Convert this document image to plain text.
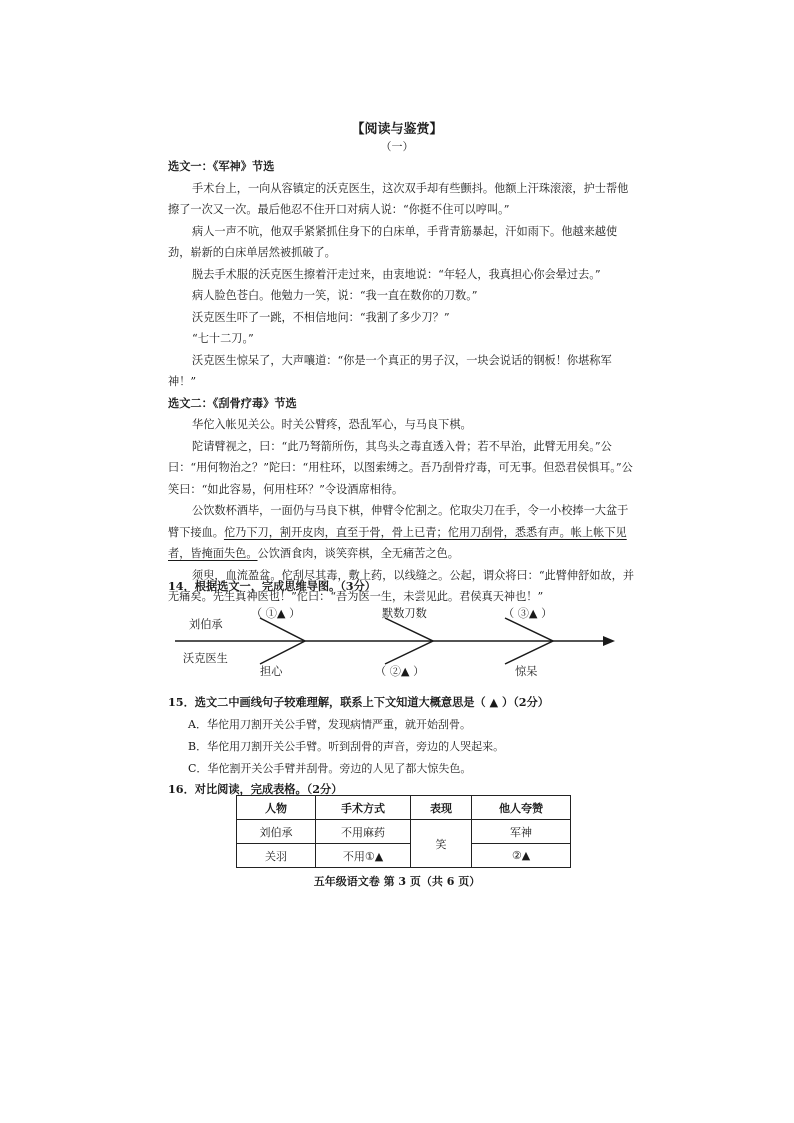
【阅读与鉴赏】
（一）

选文一：《军神》节选

手术台上，一向从容镇定的沃克医生，这次双手却有些颤抖。他额上汗珠滚滚，护士帮他擦了一次又一次。最后他忍不住开口对病人说：“你挺不住可以哼叫。”

病人一声不吭，他双手紧紧抓住身下的白床单，手背青筋暴起，汗如雨下。他越来越使劲，崭新的白床单居然被抓破了。

脱去手术服的沃克医生擦着汗走过来，由衷地说：“年轻人，我真担心你会晕过去。”

病人脸色苍白。他勉力一笑，说：“我一直在数你的刀数。”

沃克医生吓了一跳，不相信地问：“我割了多少刀？”

“七十二刀。”

沃克医生惊呆了，大声嚷道：“你是一个真正的男子汉，一块会说话的钢板！你堪称军神！”

选文二：《刮骨疗毒》节选

华佗入帐见关公。时关公臂疼，恐乱军心，与马良下棋。

陀请臂视之，曰：“此乃弩箭所伤，其鸟头之毒直透入骨；若不早治，此臂无用矣。”公曰：“用何物治之？”陀曰：“用柱环，以图索缚之。吾乃刮骨疗毒，可无事。但恐君侯惧耳。”公笑曰：“如此容易，何用柱环？”令设酒席相待。

公饮数杯酒毕，一面仍与马良下棋，伸臂令佗割之。佗取尖刀在手，令一小校捧一大盆于臂下接血。佗乃下刀，割开皮肉，直至于骨，骨上已青；佗用刀刮骨，悉悉有声。帐上帐下见者，皆掩面失色。公饮酒食肉，谈笑弈棋，全无痛苦之色。

须臾，血流盈盆。佗刮尽其毒，敷上药，以线缝之。公起，谓众将曰：“此臂伸舒如故，并无痛矣。先生真神医也！”佗曰：“吾为医一生，未尝见此。君侯真天神也！”

14．根据选文一，完成思维导图。（3分）
刘伯承
沃克医生
（ ①▲ ）	默数刀数	（ ③▲ ）
担心	（ ②▲ ）	惊呆
15．选文二中画线句子较难理解，联系上下文知道大概意思是（ ▲ ）（2分）
A．华佗用刀割开关公手臂，发现病情严重，就开始刮骨。
B．华佗用刀割开关公手臂。听到刮骨的声音，旁边的人哭起来。
C．华佗割开关公手臂并刮骨。旁边的人见了都大惊失色。
16．对比阅读，完成表格。（2分）
人物	手术方式	表现	他人夸赞
刘伯承	不用麻药	笑	军神
关羽	不用①▲		②▲
五年级语文卷 第 3 页（共 6 页）
